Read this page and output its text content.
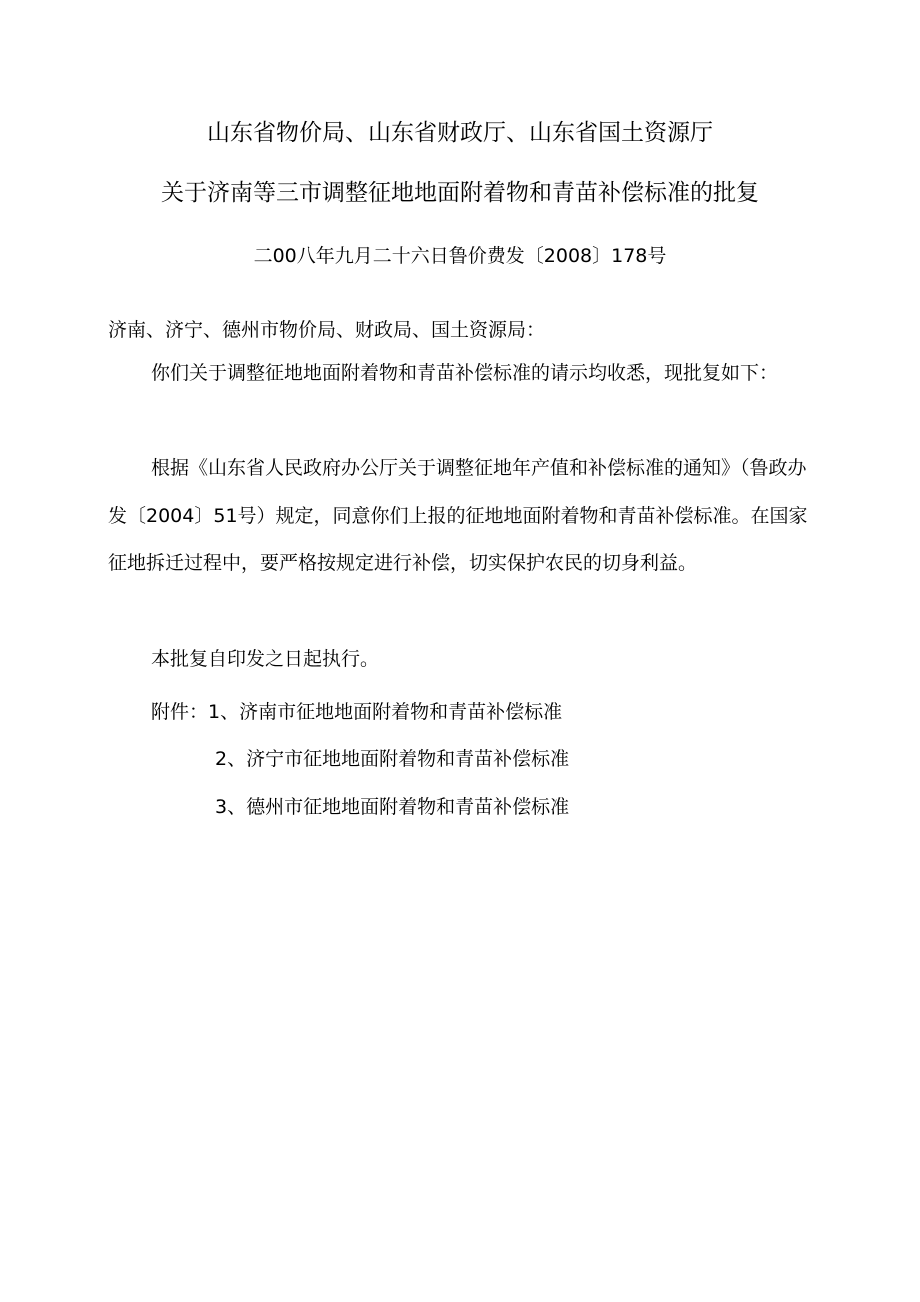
山东省物价局、山东省财政厅、山东省国土资源厅
关于济南等三市调整征地地面附着物和青苗补偿标准的批复
二00八年九月二十六日鲁价费发〔2008〕178号
济南、济宁、德州市物价局、财政局、国土资源局：
你们关于调整征地地面附着物和青苗补偿标准的请示均收悉，现批复如下：
根据《山东省人民政府办公厅关于调整征地年产值和补偿标准的通知》（鲁政办发〔2004〕51号）规定，同意你们上报的征地地面附着物和青苗补偿标准。在国家征地拆迁过程中，要严格按规定进行补偿，切实保护农民的切身利益。
本批复自印发之日起执行。
附件：1、济南市征地地面附着物和青苗补偿标准
2、济宁市征地地面附着物和青苗补偿标准
3、德州市征地地面附着物和青苗补偿标准
